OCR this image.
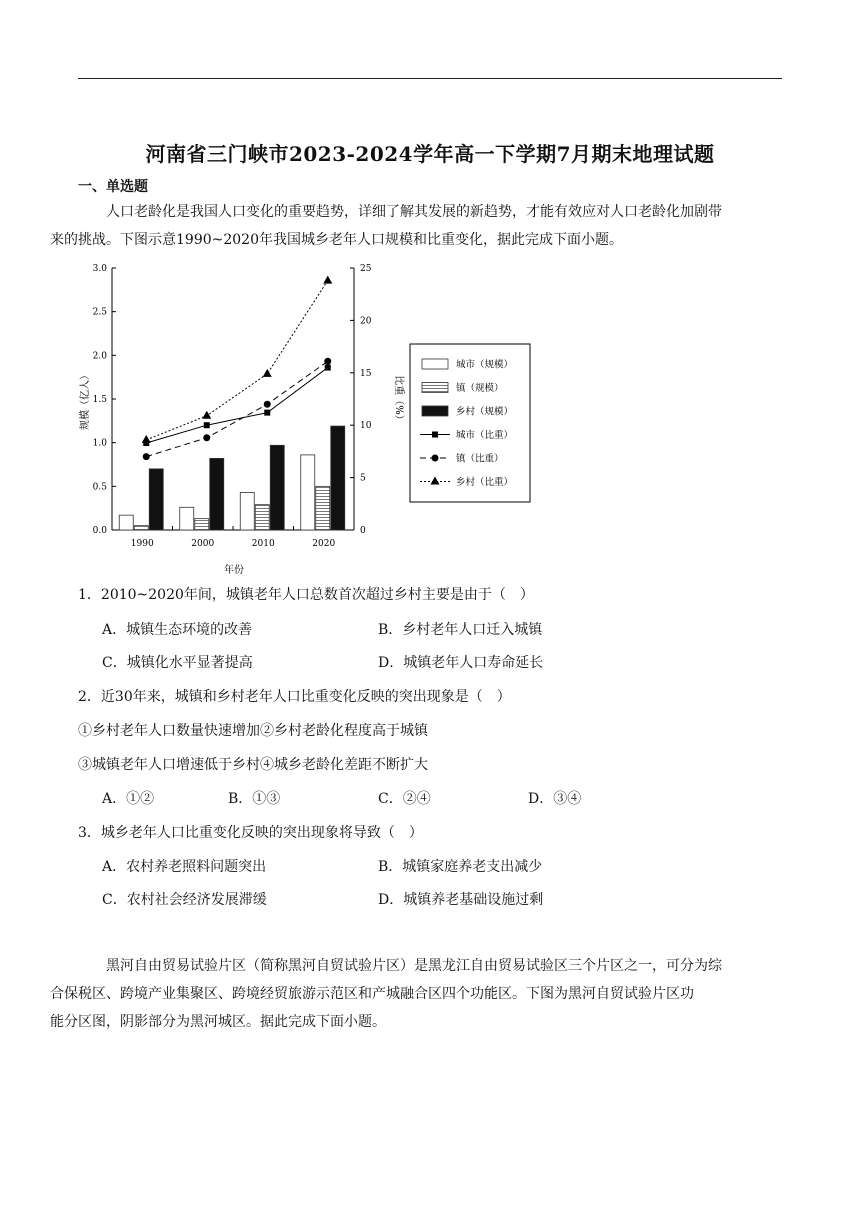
河南省三门峡市2023-2024学年高一下学期7月期末地理试题
一、单选题
人口老龄化是我国人口变化的重要趋势，详细了解其发展的新趋势，才能有效应对人口老龄化加剧带
来的挑战。下图示意1990~2020年我国城乡老年人口规模和比重变化，据此完成下面小题。
0.0
0.5
1.0
1.5
2.0
2.5
3.0
0
5
10
15
20
25
1990	2000	2010	2020
城市（规模）
镇（规模）
乡村（规模）
城市（比重）
镇（比重）
乡村（比重）
年份
规模（亿人）	比重（%）
1．2010~2020年间，城镇老年人口总数首次超过乡村主要是由于（　）
A．城镇生态环境的改善	B．乡村老年人口迁入城镇
C．城镇化水平显著提高	D．城镇老年人口寿命延长
2．近30年来，城镇和乡村老年人口比重变化反映的突出现象是（　）
①乡村老年人口数量快速增加②乡村老龄化程度高于城镇
③城镇老年人口增速低于乡村④城乡老龄化差距不断扩大
A．①②	B．①③	C．②④	D．③④
3．城乡老年人口比重变化反映的突出现象将导致（　）
A．农村养老照料问题突出	B．城镇家庭养老支出减少
C．农村社会经济发展滞缓	D．城镇养老基础设施过剩
黑河自由贸易试验片区（简称黑河自贸试验片区）是黑龙江自由贸易试验区三个片区之一，可分为综
合保税区、跨境产业集聚区、跨境经贸旅游示范区和产城融合区四个功能区。下图为黑河自贸试验片区功
能分区图，阴影部分为黑河城区。据此完成下面小题。
